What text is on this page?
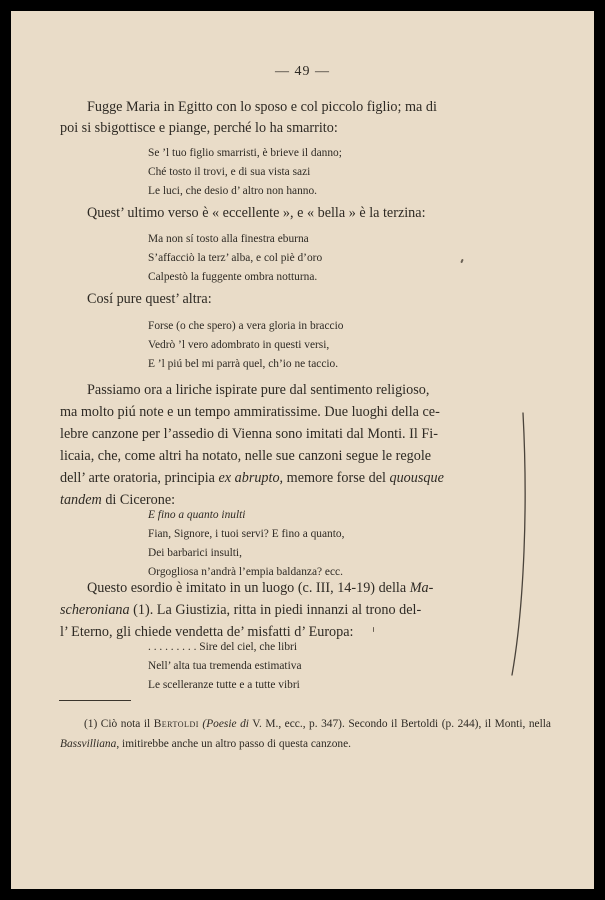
— 49 —

Fugge Maria in Egitto con lo sposo e col piccolo figlio; ma di

poi si sbigottisce e piange, perché lo ha smarrito:

Se ’l tuo figlio smarristi, è brieve il danno;
Ché tosto il trovi, e di sua vista sazi
Le luci, che desio d’ altro non hanno.

Quest’ ultimo verso è « eccellente », e « bella » è la terzina:

Ma non sí tosto alla finestra eburna
S’affacciò la terz’ alba, e col piè d’oro
Calpestò la fuggente ombra notturna.

Cosí pure quest’ altra:

Forse (o che spero) a vera gloria in braccio
Vedrò ’l vero adombrato in questi versi,
E ’l piú bel mi parrà quel, ch’io ne taccio.

Passiamo ora a liriche ispirate pure dal sentimento religioso,

ma molto piú note e un tempo ammiratissime. Due luoghi della ce-

lebre canzone per l’assedio di Vienna sono imitati dal Monti. Il Fi-

licaia, che, come altri ha notato, nelle sue canzoni segue le regole

dell’ arte oratoria, principia ex abrupto, memore forse del quousque

tandem di Cicerone:

E fino a quanto inulti
Fian, Signore, i tuoi servi? E fino a quanto,
Dei barbarici insulti,
Orgogliosa n’andrà l’empia baldanza? ecc.

Questo esordio è imitato in un luogo (c. III, 14-19) della Ma-

scheroniana (1). La Giustizia, ritta in piedi innanzi al trono del-

l’ Eterno, gli chiede vendetta de’ misfatti d’ Europa:

. . . . . . . . . Sire del ciel, che libri
Nell’ alta tua tremenda estimativa
Le scelleranze tutte e a tutte vibri

(1) Ciò nota il Bertoldi (Poesie di V. M., ecc., p. 347). Secondo il Bertoldi (p. 244), il Monti, nella Bassvilliana, imitirebbe anche un altro passo di questa canzone.
